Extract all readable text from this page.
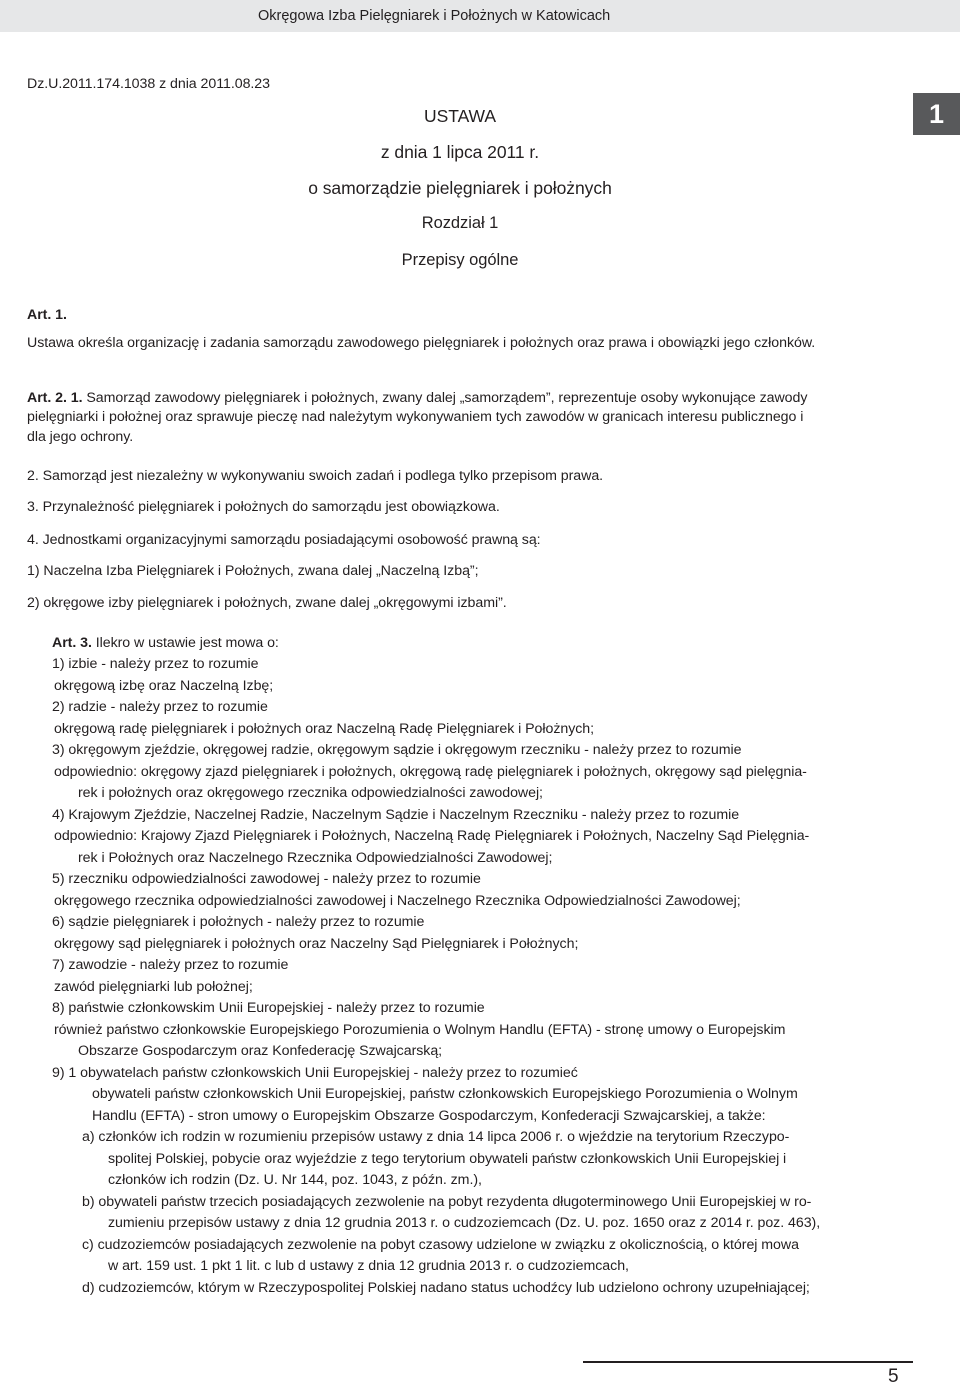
Okręgowa Izba Pielęgniarek i Położnych w Katowicach
1
Dz.U.2011.174.1038 z dnia 2011.08.23
USTAWA
z dnia 1 lipca 2011 r.
o samorządzie pielęgniarek i położnych
Rozdział 1
Przepisy ogólne
Art. 1.
Ustawa określa organizację i zadania samorządu zawodowego pielęgniarek i położnych oraz prawa i obowiązki jego członków.
Art. 2. 1. Samorząd zawodowy pielęgniarek i położnych, zwany dalej „samorządem”, reprezentuje osoby wykonujące zawody
pielęgniarki i położnej oraz sprawuje pieczę nad należytym wykonywaniem tych zawodów w granicach interesu publicznego i
dla jego ochrony.
2. Samorząd jest niezależny w wykonywaniu swoich zadań i podlega tylko przepisom prawa.
3. Przynależność pielęgniarek i położnych do samorządu jest obowiązkowa.
4. Jednostkami organizacyjnymi samorządu posiadającymi osobowość prawną są:
1) Naczelna Izba Pielęgniarek i Położnych, zwana dalej „Naczelną Izbą”;
2) okręgowe izby pielęgniarek i położnych, zwane dalej „okręgowymi izbami”.
Art. 3. Ilekro w ustawie jest mowa o:
1) izbie - należy przez to rozumie
okręgową izbę oraz Naczelną Izbę;
2) radzie - należy przez to rozumie
okręgową radę pielęgniarek i położnych oraz Naczelną Radę Pielęgniarek i Położnych;
3) okręgowym zjeździe, okręgowej radzie, okręgowym sądzie i okręgowym rzeczniku - należy przez to rozumie
odpowiednio: okręgowy zjazd pielęgniarek i położnych, okręgową radę pielęgniarek i położnych, okręgowy sąd pielęgnia-
rek i położnych oraz okręgowego rzecznika odpowiedzialności zawodowej;
4) Krajowym Zjeździe, Naczelnej Radzie, Naczelnym Sądzie i Naczelnym Rzeczniku - należy przez to rozumie
odpowiednio: Krajowy Zjazd Pielęgniarek i Położnych, Naczelną Radę Pielęgniarek i Położnych, Naczelny Sąd Pielęgnia-
rek i Położnych oraz Naczelnego Rzecznika Odpowiedzialności Zawodowej;
5) rzeczniku odpowiedzialności zawodowej - należy przez to rozumie
okręgowego rzecznika odpowiedzialności zawodowej i Naczelnego Rzecznika Odpowiedzialności Zawodowej;
6) sądzie pielęgniarek i położnych - należy przez to rozumie
okręgowy sąd pielęgniarek i położnych oraz Naczelny Sąd Pielęgniarek i Położnych;
7) zawodzie - należy przez to rozumie
zawód pielęgniarki lub położnej;
8) państwie członkowskim Unii Europejskiej - należy przez to rozumie
również państwo członkowskie Europejskiego Porozumienia o Wolnym Handlu (EFTA) - stronę umowy o Europejskim
Obszarze Gospodarczym oraz Konfederację Szwajcarską;
9) 1 obywatelach państw członkowskich Unii Europejskiej - należy przez to rozumieć
obywateli państw członkowskich Unii Europejskiej, państw członkowskich Europejskiego Porozumienia o Wolnym
Handlu (EFTA) - stron umowy o Europejskim Obszarze Gospodarczym, Konfederacji Szwajcarskiej, a także:
a) członków ich rodzin w rozumieniu przepisów ustawy z dnia 14 lipca 2006 r. o wjeździe na terytorium Rzeczypo-
spolitej Polskiej, pobycie oraz wyjeździe z tego terytorium obywateli państw członkowskich Unii Europejskiej i
członków ich rodzin (Dz. U. Nr 144, poz. 1043, z późn. zm.),
b) obywateli państw trzecich posiadających zezwolenie na pobyt rezydenta długoterminowego Unii Europejskiej w ro-
zumieniu przepisów ustawy z dnia 12 grudnia 2013 r. o cudzoziemcach (Dz. U. poz. 1650 oraz z 2014 r. poz. 463),
c) cudzoziemców posiadających zezwolenie na pobyt czasowy udzielone w związku z okolicznością, o której mowa
w art. 159 ust. 1 pkt 1 lit. c lub d ustawy z dnia 12 grudnia 2013 r. o cudzoziemcach,
d) cudzoziemców, którym w Rzeczypospolitej Polskiej nadano status uchodźcy lub udzielono ochrony uzupełniającej;
5
